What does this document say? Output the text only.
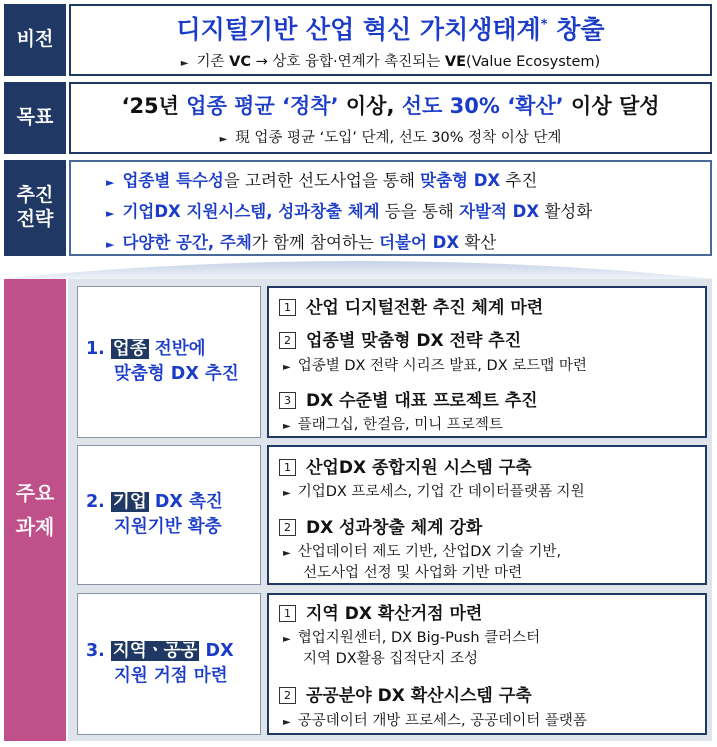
비전	디지털기반 산업 혁신 가치생태계* 창출
► 기존 VC → 상호 융합·연계가 촉진되는 VE(Value Ecosystem)
목표	‘25년 업종 평균 ‘정착’ 이상, 선도 30% ‘확산’ 이상 달성
► 現 업종 평균 ‘도입’ 단계, 선도 30% 정착 이상 단계
추진
전략
► 업종별 특수성을 고려한 선도사업을 통해 맞춤형 DX 추진
► 기업DX 지원시스템, 성과창출 체계 등을 통해 자발적 DX 활성화
► 다양한 공간, 주체가 함께 참여하는 더불어 DX 확산
주요
과제
1. 업종 전반에
맞춤형 DX 추진
1 산업 디지털전환 추진 체계 마련
2 업종별 맞춤형 DX 전략 추진
► 업종별 DX 전략 시리즈 발표, DX 로드맵 마련
3 DX 수준별 대표 프로젝트 추진
► 플래그십, 한걸음, 미니 프로젝트
2. 기업 DX 촉진
지원기반 확충
1 산업DX 종합지원 시스템 구축
► 기업DX 프로세스, 기업 간 데이터플랫폼 지원
2 DX 성과창출 체계 강화
► 산업데이터 제도 기반, 산업DX 기술 기반,
선도사업 선정 및 사업화 기반 마련
3. 지역ㆍ공공 DX
지원 거점 마련
1 지역 DX 확산거점 마련
► 협업지원센터, DX Big-Push 클러스터
지역 DX활용 집적단지 조성
2 공공분야 DX 확산시스템 구축
► 공공데이터 개방 프로세스, 공공데이터 플랫폼
